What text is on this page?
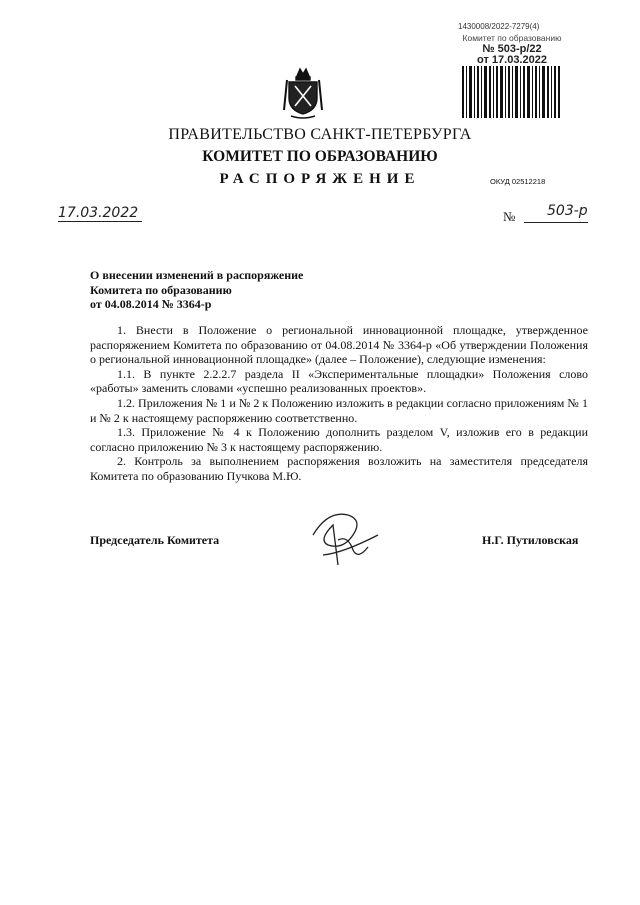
1430008/2022-7279(4)
Комитет по образованию
№ 503-р/22
от 17.03.2022
ПРАВИТЕЛЬСТВО САНКТ-ПЕТЕРБУРГА
КОМИТЕТ ПО ОБРАЗОВАНИЮ
РАСПОРЯЖЕНИЕ	ОКУД 02512218
17.03.2022	№ 503-р
О внесении изменений в распоряжение
Комитета по образованию
от 04.08.2014 № 3364-р

1. Внести в Положение о региональной инновационной площадке, утвержденное распоряжением Комитета по образованию от 04.08.2014 № 3364-р «Об утверждении Положения о региональной инновационной площадке» (далее – Положение), следующие изменения:

1.1. В пункте 2.2.2.7 раздела II «Экспериментальные площадки» Положения слово «работы» заменить словами «успешно реализованных проектов».

1.2. Приложения № 1 и № 2 к Положению изложить в редакции согласно приложениям № 1 и № 2 к настоящему распоряжению соответственно.

1.3. Приложение № 4 к Положению дополнить разделом V, изложив его в редакции согласно приложению № 3 к настоящему распоряжению.

2. Контроль за выполнением распоряжения возложить на заместителя председателя Комитета по образованию Пучкова М.Ю.

Председатель Комитета	Н.Г. Путиловская
